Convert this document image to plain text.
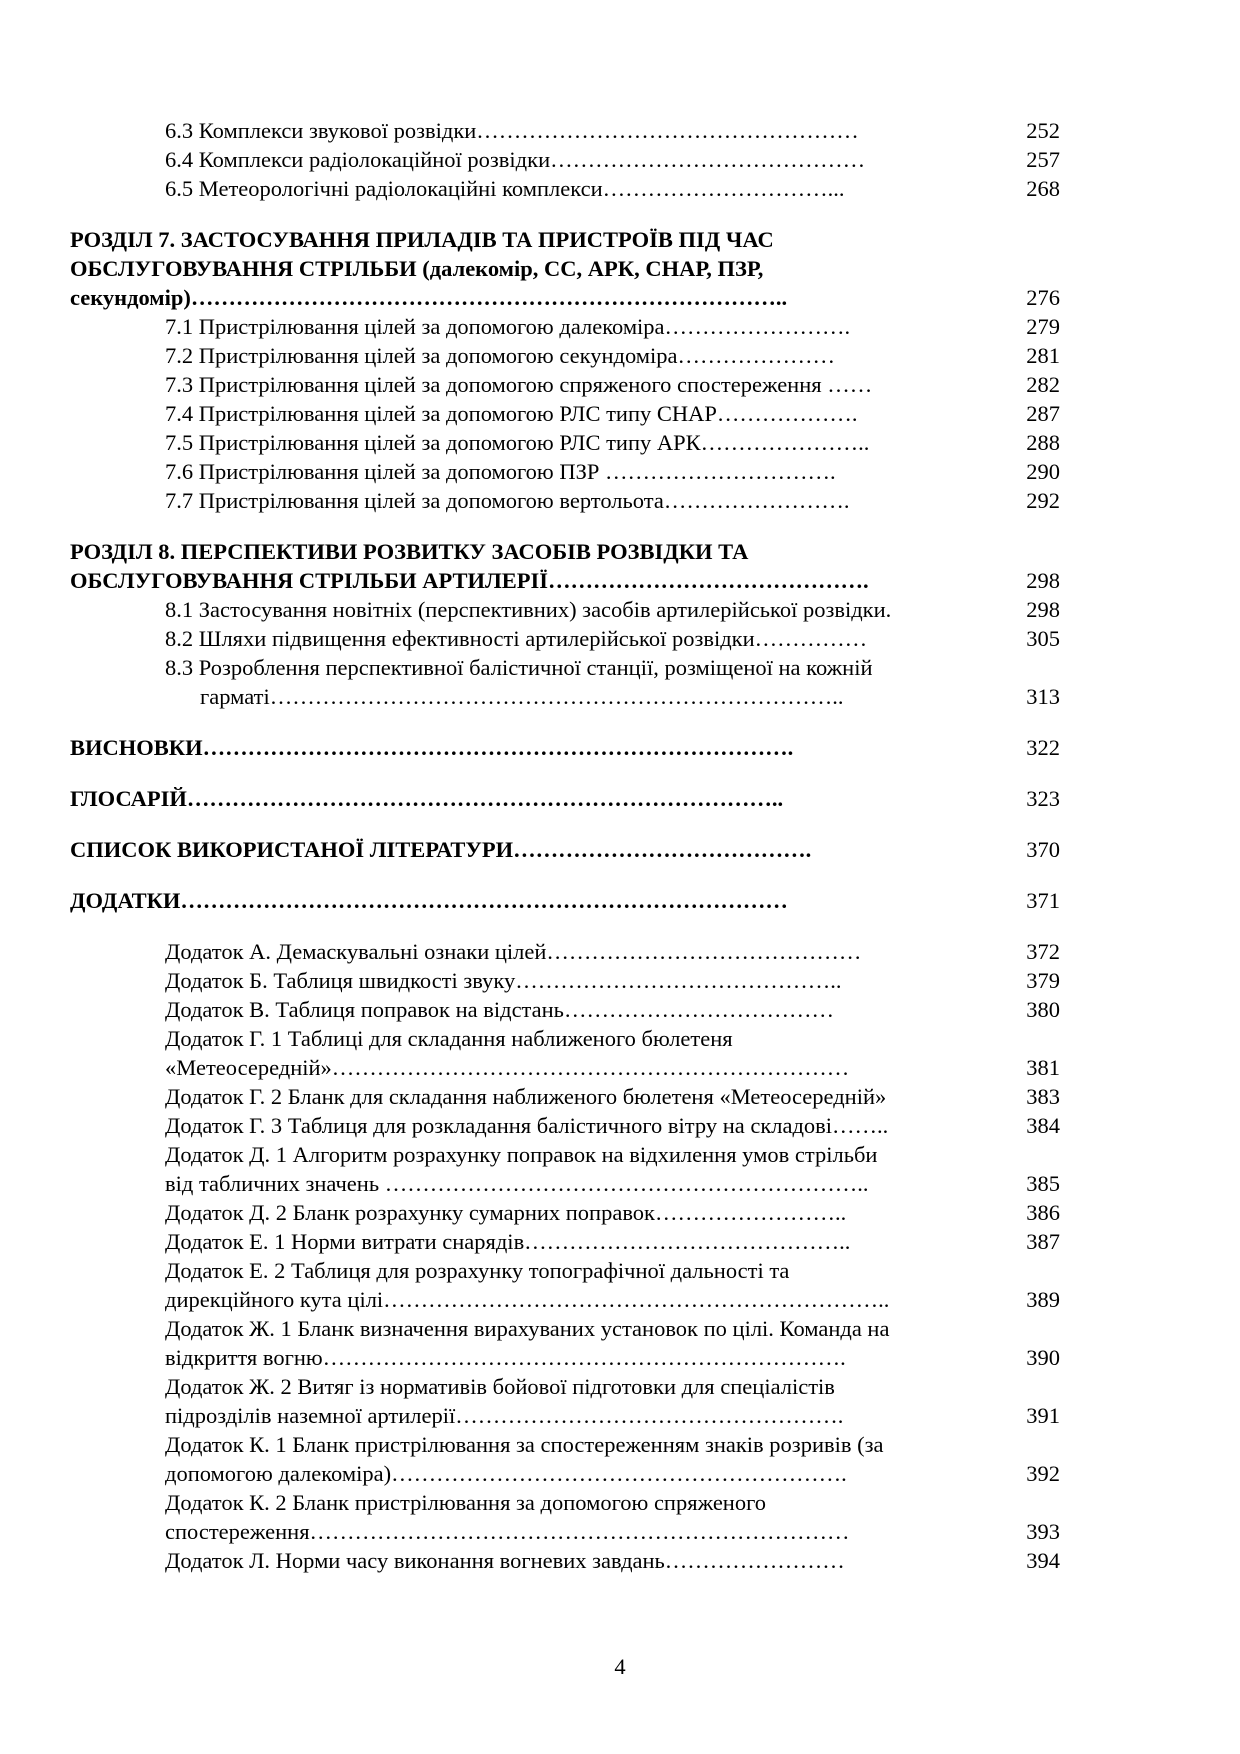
6.3 Комплекси звукової розвідки……………………………………………	252
6.4 Комплекси радіолокаційної розвідки……………………………………	257
6.5 Метеорологічні радіолокаційні комплекси…………………………...	268
РОЗДІЛ 7. ЗАСТОСУВАННЯ ПРИЛАДІВ ТА ПРИСТРОЇВ ПІД ЧАС
ОБСЛУГОВУВАННЯ СТРІЛЬБИ (далекомір, СС, АРК, СНАР, ПЗР,
секундомір)……………………………………………………………………..	276
7.1 Пристрілювання цілей за допомогою далекоміра…………………….	279
7.2 Пристрілювання цілей за допомогою секундоміра…………………	281
7.3 Пристрілювання цілей за допомогою спряженого спостереження ……	282
7.4 Пристрілювання цілей за допомогою РЛС типу СНАР……………….	287
7.5 Пристрілювання цілей за допомогою РЛС типу АРК…………………..	288
7.6 Пристрілювання цілей за допомогою ПЗР ………………………….	290
7.7 Пристрілювання цілей за допомогою вертольота…………………….	292
РОЗДІЛ 8. ПЕРСПЕКТИВИ РОЗВИТКУ ЗАСОБІВ РОЗВІДКИ ТА
ОБСЛУГОВУВАННЯ СТРІЛЬБИ АРТИЛЕРІЇ…………………………………….	298
8.1 Застосування новітніх (перспективних) засобів артилерійської розвідки.	298
8.2 Шляхи підвищення ефективності артилерійської розвідки……………	305
8.3 Розроблення перспективної балістичної станції, розміщеної на кожній
гарматі…………………………………………………………………..	313
ВИСНОВКИ…………………………………………………………………….	322
ГЛОСАРІЙ……………………………………………………………………..	323
СПИСОК ВИКОРИСТАНОЇ ЛІТЕРАТУРИ………………………………….	370
ДОДАТКИ………………………………………………………………………	371
Додаток А. Демаскувальні ознаки цілей……………………………………	372
Додаток Б. Таблиця швидкості звуку……………………………………..	379
Додаток В. Таблиця поправок на відстань………………………………	380
Додаток Г. 1 Таблиці для складання наближеного бюлетеня
«Метеосередній»……………………………………………………………	381
Додаток Г. 2 Бланк для складання наближеного бюлетеня «Метеосередній»	383
Додаток Г. 3 Таблиця для розкладання балістичного вітру на складові……..	384
Додаток Д. 1 Алгоритм розрахунку поправок на відхилення умов стрільби
від табличних значень ………………………………………………………..	385
Додаток Д. 2 Бланк розрахунку сумарних поправок……………………..	386
Додаток Е. 1 Норми витрати снарядів……………………………………..	387
Додаток Е. 2 Таблиця для розрахунку топографічної дальності та
дирекційного кута цілі…………………………………………………………..	389
Додаток Ж. 1 Бланк визначення вирахуваних установок по цілі. Команда на
відкриття вогню…………………………………………………………….	390
Додаток Ж. 2 Витяг із нормативів бойової підготовки для спеціалістів
підрозділів наземної артилерії…………………………………………….	391
Додаток К. 1 Бланк пристрілювання за спостереженням знаків розривів (за
допомогою далекоміра)…………………………………………………….	392
Додаток К. 2 Бланк пристрілювання за допомогою спряженого
спостереження………………………………………………………………	393
Додаток Л. Норми часу виконання вогневих завдань……………………	394
4
